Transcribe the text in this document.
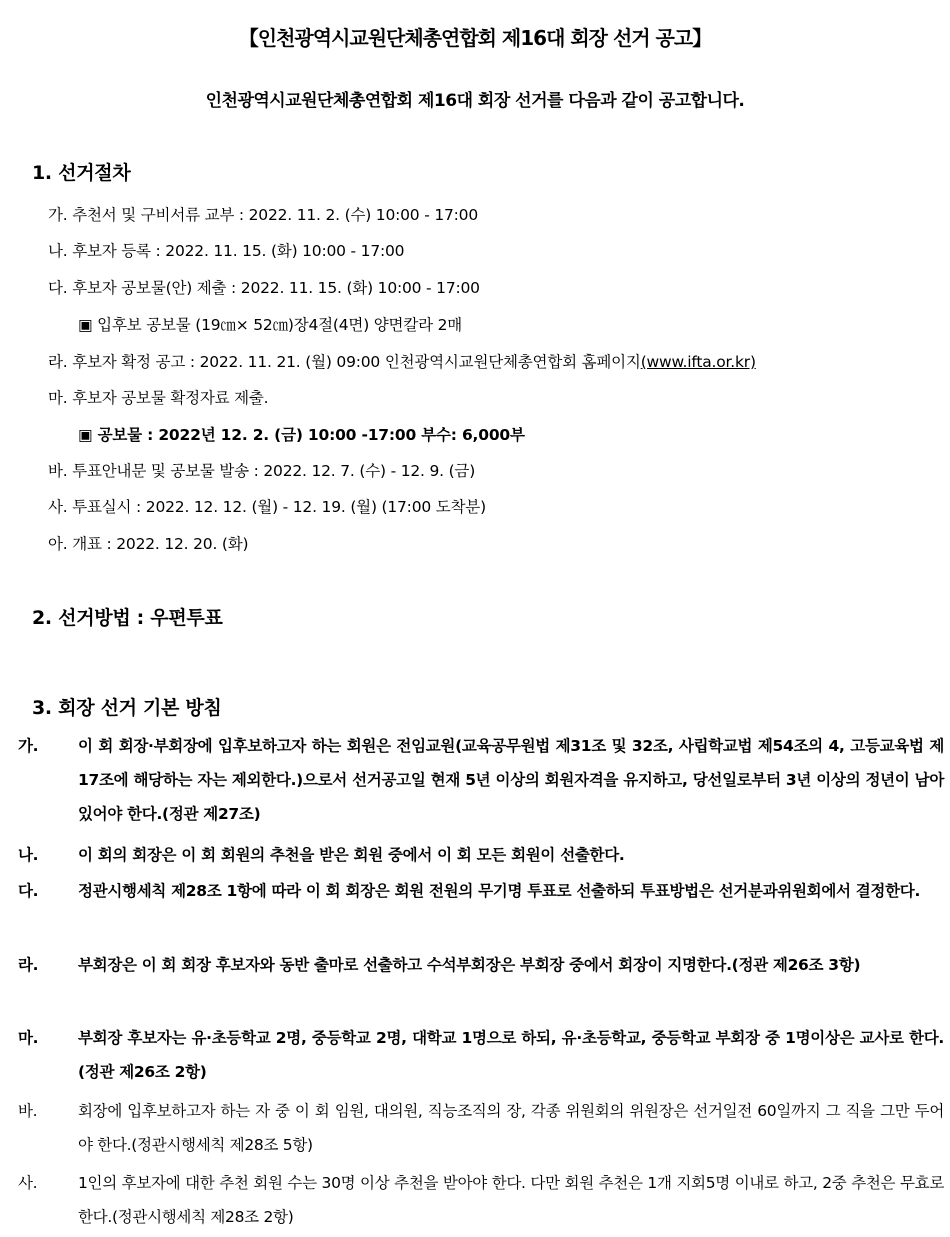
【인천광역시교원단체총연합회 제16대 회장 선거 공고】
인천광역시교원단체총연합회 제16대 회장 선거를 다음과 같이 공고합니다.
1. 선거절차
가. 추천서 및 구비서류 교부 : 2022. 11. 2. (수) 10:00 - 17:00
나. 후보자 등록 : 2022. 11. 15. (화) 10:00 - 17:00
다. 후보자 공보물(안) 제출 : 2022. 11. 15. (화) 10:00 - 17:00
▣ 입후보 공보물 (19㎝× 52㎝)장4절(4면) 양면칼라 2매
라. 후보자 확정 공고 : 2022. 11. 21. (월) 09:00 인천광역시교원단체총연합회 홈페이지(www.ifta.or.kr)
마. 후보자 공보물 확정자료 제출.
▣ 공보물 : 2022년 12. 2. (금) 10:00 -17:00 부수: 6,000부
바. 투표안내문 및 공보물 발송 : 2022. 12. 7. (수) - 12. 9. (금)
사. 투표실시 : 2022. 12. 12. (월) - 12. 19. (월) (17:00 도착분)
아. 개표 : 2022. 12. 20. (화)
2. 선거방법 : 우편투표
3. 회장 선거 기본 방침
가.	이 회 회장·부회장에 입후보하고자 하는 회원은 전임교원(교육공무원법 제31조 및 32조, 사립학교법 제54조의 4, 고등교육법 제17조에 해당하는 자는 제외한다.)으로서 선거공고일 현재 5년 이상의 회원자격을 유지하고, 당선일로부터 3년 이상의 정년이 남아 있어야 한다.(정관 제27조)
나.	이 회의 회장은 이 회 회원의 추천을 받은 회원 중에서 이 회 모든 회원이 선출한다.
다.	정관시행세칙 제28조 1항에 따라 이 회 회장은 회원 전원의 무기명 투표로 선출하되 투표방법은 선거분과위원회에서 결정한다.
라.	부회장은 이 회 회장 후보자와 동반 출마로 선출하고 수석부회장은 부회장 중에서 회장이 지명한다.(정관 제26조 3항)
마.	부회장 후보자는 유·초등학교 2명, 중등학교 2명, 대학교 1명으로 하되, 유·초등학교, 중등학교 부회장 중 1명이상은 교사로 한다.(정관 제26조 2항)
바.	회장에 입후보하고자 하는 자 중 이 회 임원, 대의원, 직능조직의 장, 각종 위원회의 위원장은 선거일전 60일까지 그 직을 그만 두어야 한다.(정관시행세칙 제28조 5항)
사.	1인의 후보자에 대한 추천 회원 수는 30명 이상 추천을 받아야 한다. 다만 회원 추천은 1개 지회5명 이내로 하고, 2중 추천은 무효로 한다.(정관시행세칙 제28조 2항)
